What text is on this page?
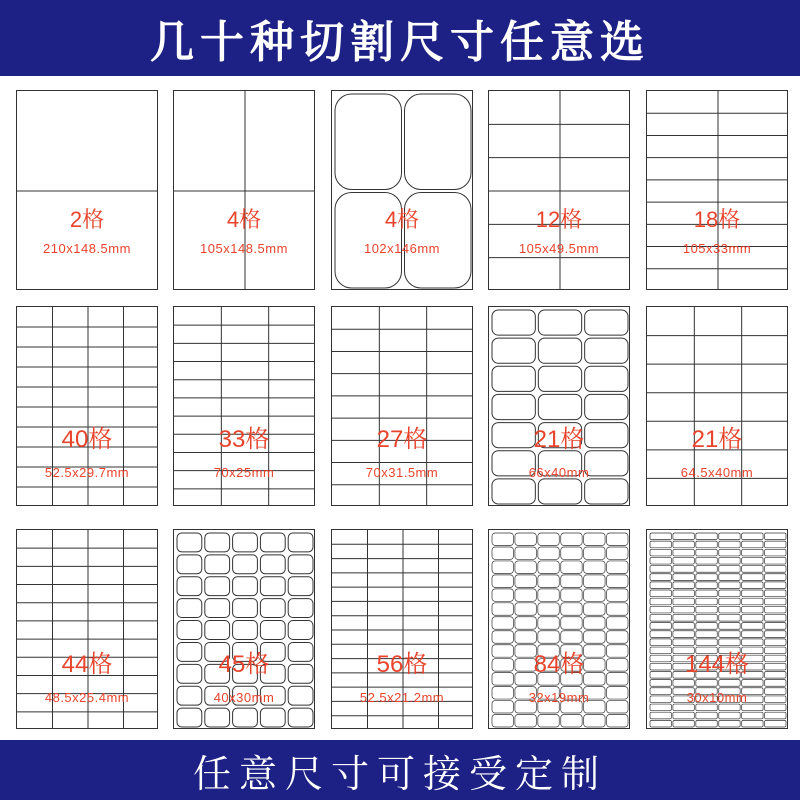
几十种切割尺寸任意选
2格
210x148.5mm
4格
105x148.5mm
4格
102x146mm
12格
105x49.5mm
18格
105x33mm
40格
52.5x29.7mm
33格
70x25mm
27格
70x31.5mm
21格
66x40mm
21格
64.5x40mm
44格
48.5x25.4mm
45格
40x30mm
56格
52.5x21.2mm
84格
32x19mm
144格
30x10mm
任意尺寸可接受定制
